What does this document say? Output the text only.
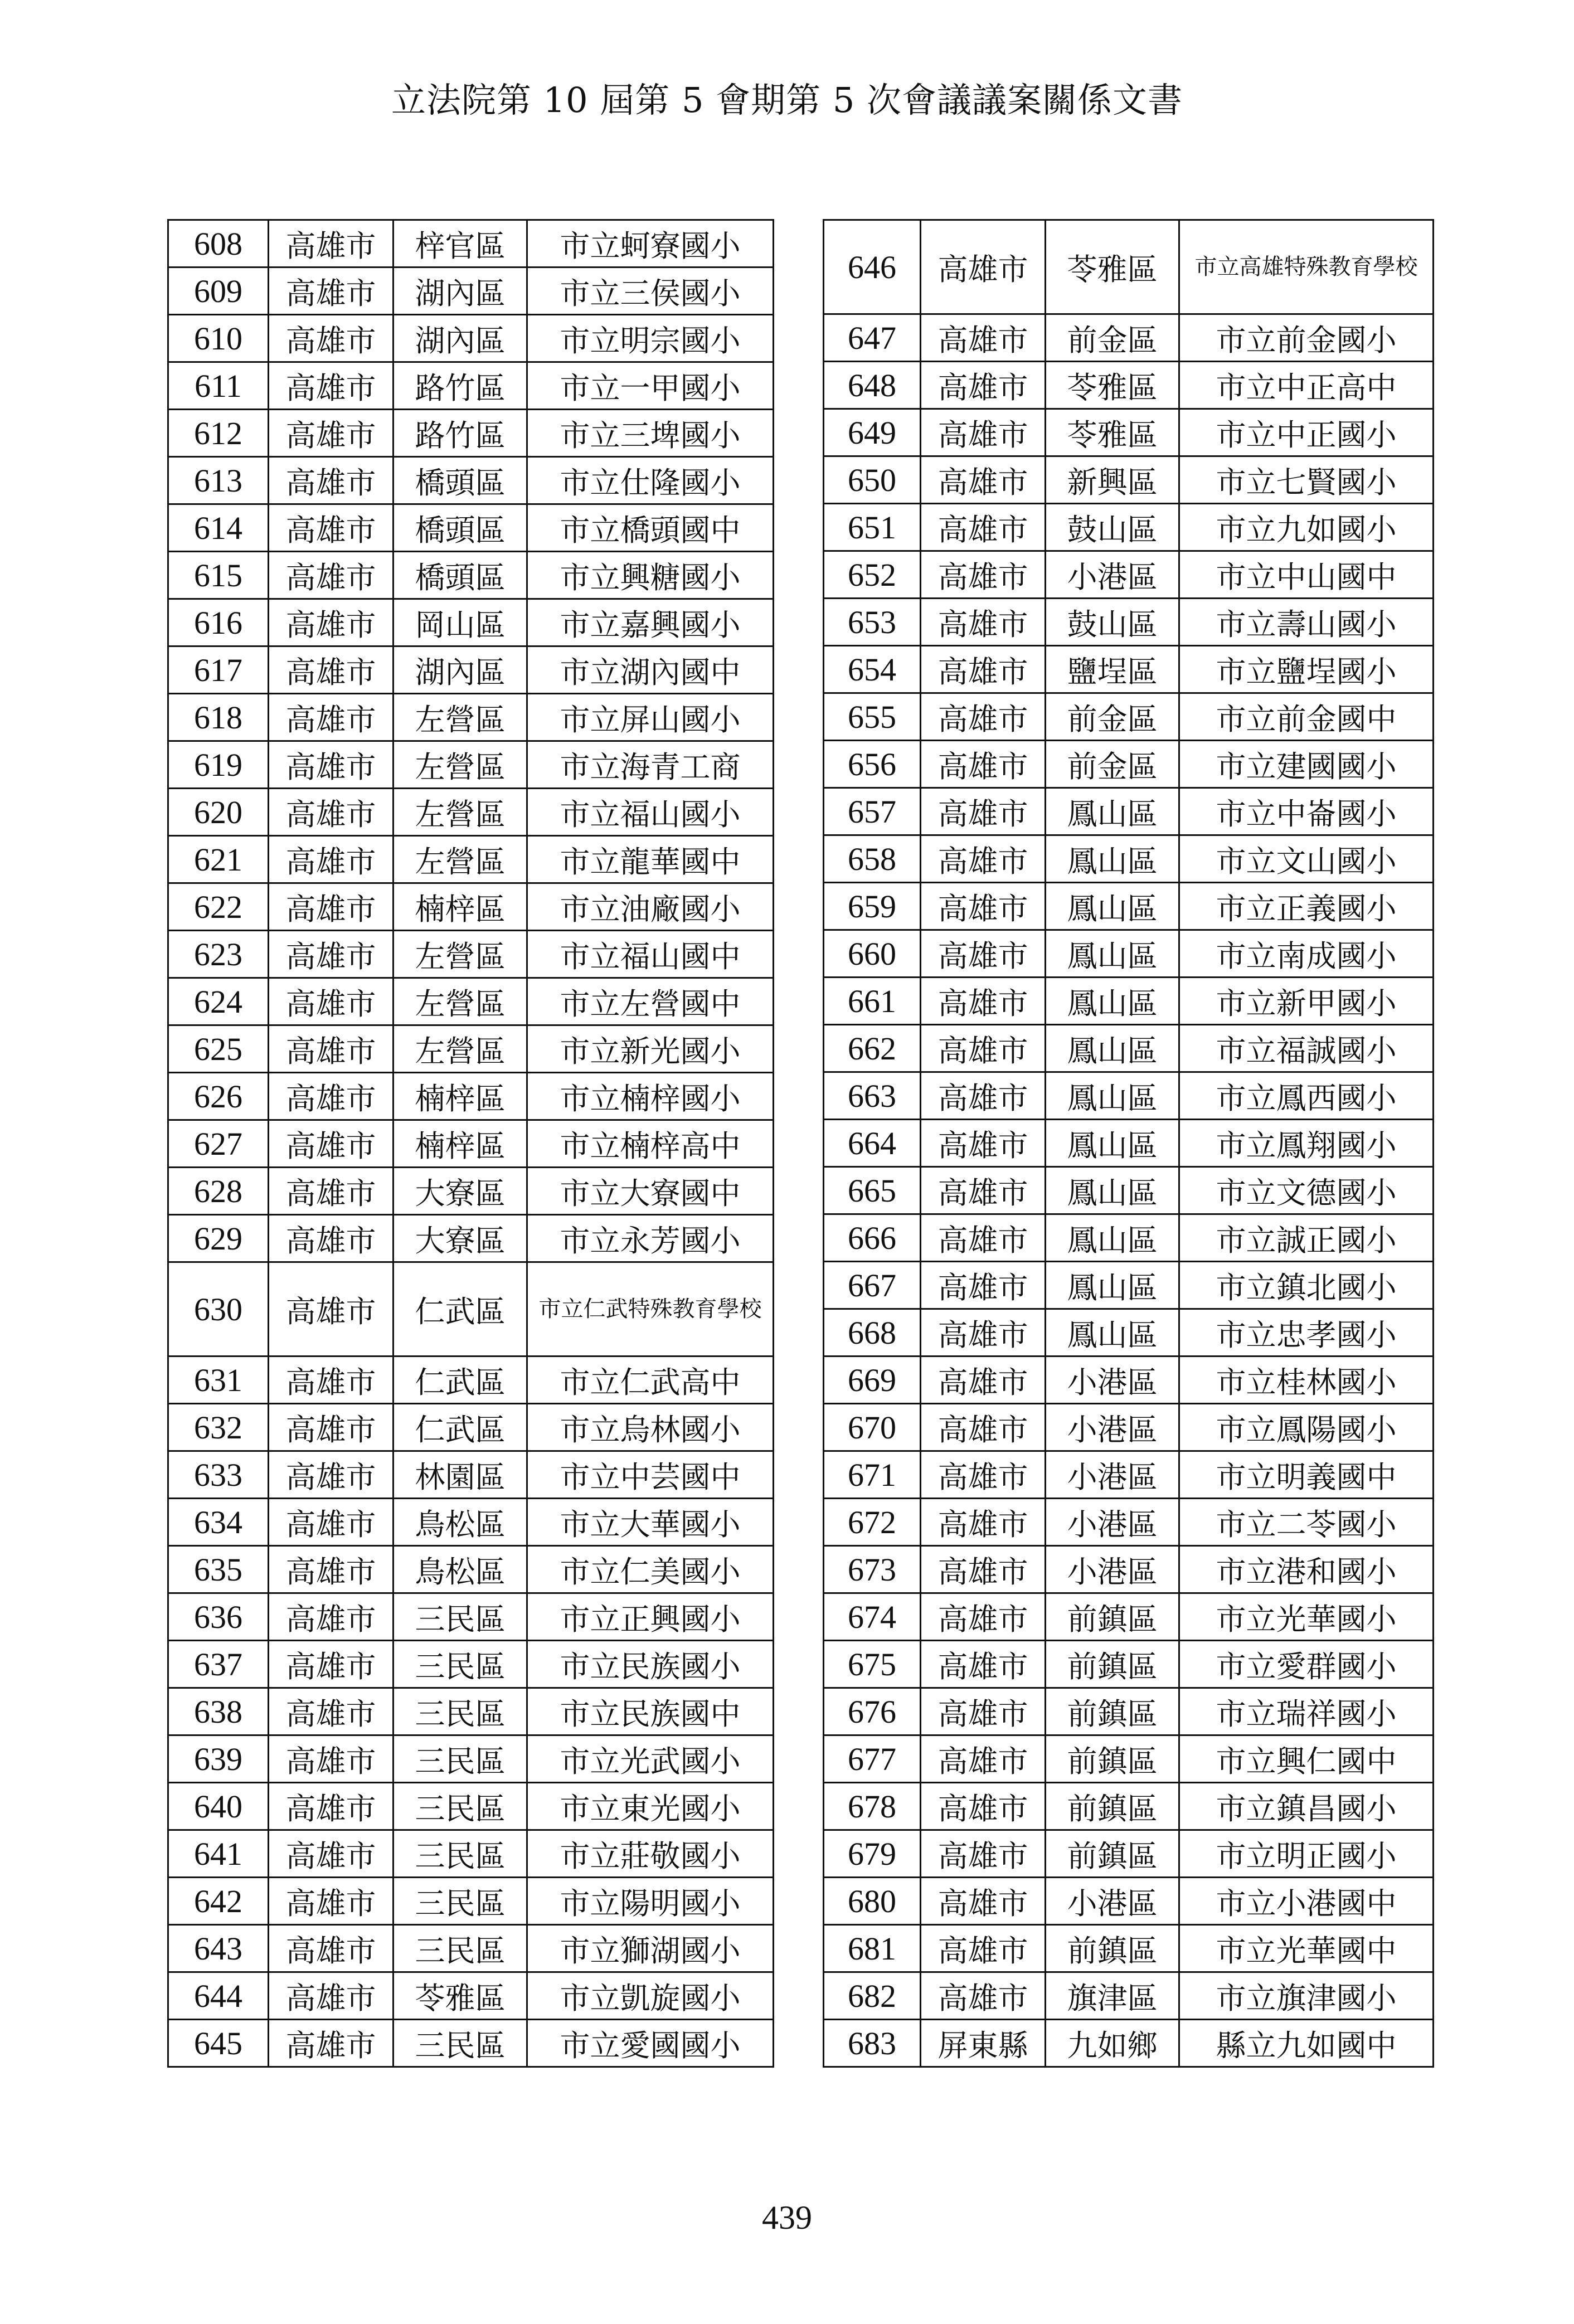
立法院第 10 屆第 5 會期第 5 次會議議案關係文書
608	高雄市	梓官區	市立蚵寮國小
609	高雄市	湖內區	市立三侯國小
610	高雄市	湖內區	市立明宗國小
611	高雄市	路竹區	市立一甲國小
612	高雄市	路竹區	市立三埤國小
613	高雄市	橋頭區	市立仕隆國小
614	高雄市	橋頭區	市立橋頭國中
615	高雄市	橋頭區	市立興糖國小
616	高雄市	岡山區	市立嘉興國小
617	高雄市	湖內區	市立湖內國中
618	高雄市	左營區	市立屏山國小
619	高雄市	左營區	市立海青工商
620	高雄市	左營區	市立福山國小
621	高雄市	左營區	市立龍華國中
622	高雄市	楠梓區	市立油廠國小
623	高雄市	左營區	市立福山國中
624	高雄市	左營區	市立左營國中
625	高雄市	左營區	市立新光國小
626	高雄市	楠梓區	市立楠梓國小
627	高雄市	楠梓區	市立楠梓高中
628	高雄市	大寮區	市立大寮國中
629	高雄市	大寮區	市立永芳國小
630	高雄市	仁武區	市立仁武特殊教育學校
631	高雄市	仁武區	市立仁武高中
632	高雄市	仁武區	市立烏林國小
633	高雄市	林園區	市立中芸國中
634	高雄市	鳥松區	市立大華國小
635	高雄市	鳥松區	市立仁美國小
636	高雄市	三民區	市立正興國小
637	高雄市	三民區	市立民族國小
638	高雄市	三民區	市立民族國中
639	高雄市	三民區	市立光武國小
640	高雄市	三民區	市立東光國小
641	高雄市	三民區	市立莊敬國小
642	高雄市	三民區	市立陽明國小
643	高雄市	三民區	市立獅湖國小
644	高雄市	苓雅區	市立凱旋國小
645	高雄市	三民區	市立愛國國小
646	高雄市	苓雅區	市立高雄特殊教育學校
647	高雄市	前金區	市立前金國小
648	高雄市	苓雅區	市立中正高中
649	高雄市	苓雅區	市立中正國小
650	高雄市	新興區	市立七賢國小
651	高雄市	鼓山區	市立九如國小
652	高雄市	小港區	市立中山國中
653	高雄市	鼓山區	市立壽山國小
654	高雄市	鹽埕區	市立鹽埕國小
655	高雄市	前金區	市立前金國中
656	高雄市	前金區	市立建國國小
657	高雄市	鳳山區	市立中崙國小
658	高雄市	鳳山區	市立文山國小
659	高雄市	鳳山區	市立正義國小
660	高雄市	鳳山區	市立南成國小
661	高雄市	鳳山區	市立新甲國小
662	高雄市	鳳山區	市立福誠國小
663	高雄市	鳳山區	市立鳳西國小
664	高雄市	鳳山區	市立鳳翔國小
665	高雄市	鳳山區	市立文德國小
666	高雄市	鳳山區	市立誠正國小
667	高雄市	鳳山區	市立鎮北國小
668	高雄市	鳳山區	市立忠孝國小
669	高雄市	小港區	市立桂林國小
670	高雄市	小港區	市立鳳陽國小
671	高雄市	小港區	市立明義國中
672	高雄市	小港區	市立二苓國小
673	高雄市	小港區	市立港和國小
674	高雄市	前鎮區	市立光華國小
675	高雄市	前鎮區	市立愛群國小
676	高雄市	前鎮區	市立瑞祥國小
677	高雄市	前鎮區	市立興仁國中
678	高雄市	前鎮區	市立鎮昌國小
679	高雄市	前鎮區	市立明正國小
680	高雄市	小港區	市立小港國中
681	高雄市	前鎮區	市立光華國中
682	高雄市	旗津區	市立旗津國小
683	屏東縣	九如鄉	縣立九如國中
439
